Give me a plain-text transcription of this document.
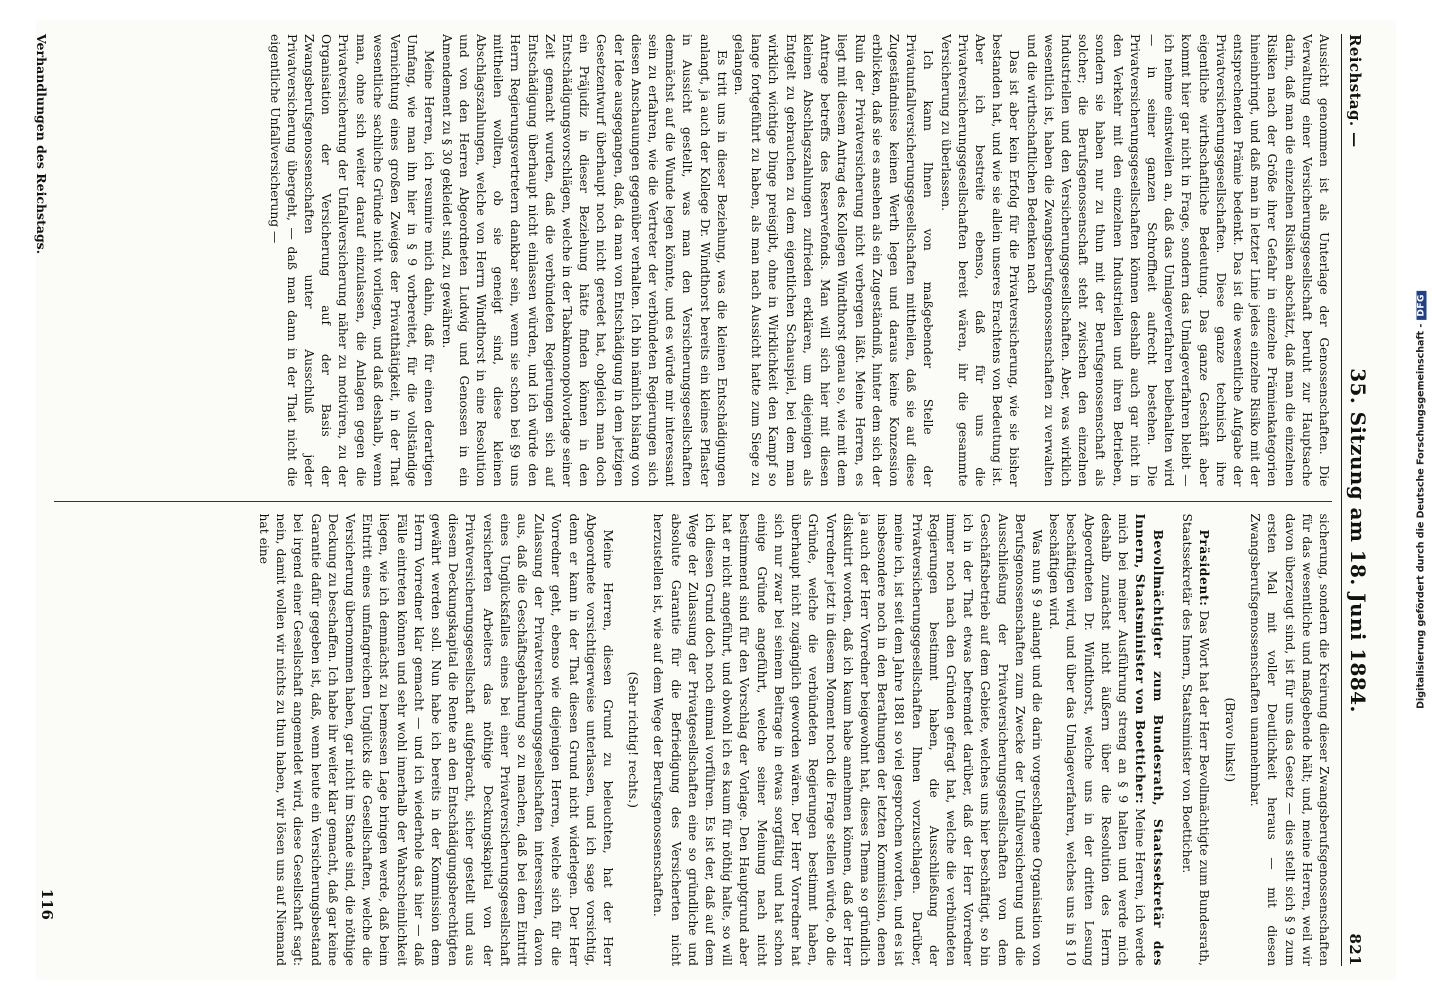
Reichstag. —
35. Sitzung am 18. Juni 1884.
821

Aussicht genommen ist als Unterlage der Genossenschaften. Die Verwaltung einer Versicherungsgesellschaft beruht zur Hauptsache darin, daß man die einzelnen Risiken abschätzt, daß man die einzelnen Risiken nach der Größe ihrer Gefahr in einzelne Prämienkategorien hineinbringt, und daß man in letzter Linie jedes einzelne Risiko mit der entsprechenden Prämie bedenkt. Das ist die wesentliche Aufgabe der Privatversicherungsgesellschaften. Diese ganze technisch ihre eigentliche wirthschaftliche Bedeutung. Das ganze Geschäft aber kommt hier gar nicht in Frage, sondern das Umlageverfahren bleibt — ich nehme einstweilen an, daß das Umlageverfahren beibehalten wird — in seiner ganzen Schroffheit aufrecht bestehen. Die Privatversicherungsgesellschaften können deshalb auch gar nicht in den Verkehr mit den einzelnen Industriellen und ihren Betrieben, sondern sie haben nur zu thun mit der Berufsgenossenschaft als solcher; die Berufsgenossenschaft steht zwischen den einzelnen Industriellen und den Versicherungsgesellschaften. Aber, was wirklich wesentlich ist, haben die Zwangsberufsgenossenschaften zu verwalten und die wirthschaftlichen Bedenken nach

Das ist aber kein Erfolg für die Privatversicherung, wie sie bisher bestanden hat, und wie sie allein unseres Erachtens von Bedeutung ist. Aber ich bestreite ebenso, daß für uns die Privatversicherungsgesellschaften bereit wären, ihr die gesammte Versicherung zu überlassen.

Ich kann Ihnen von maßgebender Stelle der Privatunfallversicherungsgesellschaften mittheilen, daß sie auf diese Zugeständnisse keinen Werth legen und daraus keine Konzession erblicken, daß sie es ansehen als ein Zugeständniß, hinter dem sich der Ruin der Privatversicherung nicht verbergen läßt. Meine Herren, es liegt mit diesem Antrag des Kollegen Windthorst genau so, wie mit dem Antrage betreffs des Reservefonds. Man will sich hier mit diesen kleinen Abschlagszahlungen zufrieden erklären, um diejenigen als Entgelt zu gebrauchen zu dem eigentlichen Schauspiel, bei dem man wirklich wichtige Dinge preisgibt, ohne in Wirklichkeit den Kampf so lange fortgeführt zu haben, als man nach Aussicht hatte zum Siege zu gelangen.

Es tritt uns in dieser Beziehung, was die kleinen Entschädigungen anlangt, ja auch der Kollege Dr. Windthorst bereits ein kleines Pflaster in Aussicht gestellt, was man den Versicherungsgesellschaften demnächst auf die Wunde legen könnte, und es würde mir interessant sein zu erfahren, wie die Vertreter der verbündeten Regierungen sich diesen Anschauungen gegenüber verhalten. Ich bin nämlich bislang von der Idee ausgegangen, daß, da man von Entschädigung in dem jetzigen Gesetzentwurf überhaupt noch nicht geredet hat, obgleich man doch ein Präjudiz in dieser Beziehung hätte finden können in den Entschädigungsvorschlägen, welche in der Tabakmonopolvorlage seiner Zeit gemacht wurden, daß die verbündeten Regierungen sich auf Entschädigung überhaupt nicht einlassen würden, und ich würde den Herrn Regierungsvertretern dankbar sein, wenn sie schon bei §9 uns mittheilen wollten, ob sie geneigt sind, diese kleinen Abschlagszahlungen, welche von Herrn Windthorst in eine Resolution und von den Herren Abgeordneten Ludwig und Genossen in ein Amendement zu § 30 gekleidet sind, zu gewähren.

Meine Herren, ich resumire mich dahin, daß für einen derartigen Umfang, wie man ihn hier in § 9 vorbereitet, für die vollständige Vernichtung eines großen Zweiges der Privatthätigkeit, in der That wesentliche sachliche Gründe nicht vorliegen, und daß deshalb, wenn man, ohne sich weiter darauf einzulassen, die Anlagen gegen die Privatversicherung der Unfallversicherung näher zu motiviren, zu der Organisation der Versicherung auf der Basis der Zwangsberufsgenossenschaften unter Ausschluß jeder Privatversicherung übergeht, — daß man dann in der That nicht die eigentliche Unfallversicherung —

sicherung, sondern die Kreirung dieser Zwangsberufsgenossenschaften für das wesentliche und maßgebende hält; und, meine Herren, weil wir davon überzeugt sind, ist für uns das Gesetz — dies stellt sich § 9 zum ersten Mal mit voller Deutlichkeit heraus — mit diesen Zwangsberufsgenossenschaften unannehmbar.

(Bravo links!)

Präsident: Das Wort hat der Herr Bevollmächtigte zum Bundesrath, Staatssekretär des Innern, Staatsminister von Boetticher.

Bevollmächtigter zum Bundesrath, Staatssekretär des Innern, Staatsminister von Boetticher: Meine Herren, ich werde mich bei meiner Ausführung streng an § 9 halten und werde mich deshalb zunächst nicht äußern über die Resolution des Herrn Abgeordneten Dr. Windthorst, welche uns in der dritten Lesung beschäftigen wird, und über das Umlageverfahren, welches uns in § 10 beschäftigen wird.

Was nun § 9 anlangt und die darin vorgeschlagene Organisation von Berufsgenossenschaften zum Zwecke der Unfallversicherung und die Ausschließung der Privatversicherungsgesellschaften von dem Geschäftsbetrieb auf dem Gebiete, welches uns hier beschäftigt, so bin ich in der That etwas befremdet darüber, daß der Herr Vorredner immer noch nach den Gründen gefragt hat, welche die verbündeten Regierungen bestimmt haben, die Ausschließung der Privatversicherungsgesellschaften Ihnen vorzuschlagen. Darüber, meine ich, ist seit dem Jahre 1881 so viel gesprochen worden, und es ist insbesondere noch in den Berathungen der letzten Kommission, denen ja auch der Herr Vorredner beigewohnt hat, dieses Thema so gründlich diskutirt worden, daß ich kaum habe annehmen können, daß der Herr Vorredner jetzt in diesem Moment noch die Frage stellen würde, ob die Gründe, welche die verbündeten Regierungen bestimmt haben, überhaupt nicht zugänglich geworden wären. Der Herr Vorredner hat sich nur zwar bei seinem Beitrage in etwas sorgfältig und hat schon einige Gründe angeführt, welche seiner Meinung nach nicht bestimmend sind für den Vorschlag der Vorlage. Den Hauptgrund aber hat er nicht angeführt, und obwohl ich es kaum für nöthig halte, so will ich diesen Grund doch noch einmal vorführen. Es ist der, daß auf dem Wege der Zulassung der Privatgesellschaften eine so gründliche und absolute Garantie für die Befriedigung des Versicherten nicht herzustellen ist, wie auf dem Wege der Berufsgenossenschaften.

(Sehr richtig! rechts.)

Meine Herren, diesen Grund zu beleuchten, hat der Herr Abgeordnete vorsichtigerweise unterlassen, und ich sage vorsichtig, denn er kann in der That diesen Grund nicht widerlegen. Der Herr Vorredner geht, ebenso wie diejenigen Herren, welche sich für die Zulassung der Privatversicherungsgesellschaften interessiren, davon aus, daß die Geschäftsgebahrung so zu machen, daß bei dem Eintritt eines Unglücksfalles eines bei einer Privatversicherungsgesellschaft versicherten Arbeiters das nöthige Deckungskapital von der Privatversicherungsgesellschaft aufgebracht, sicher gestellt und aus diesem Deckungskapital die Rente an den Entschädigungsberechtigten gewährt werden soll. Nun habe ich bereits in der Kommission dem Herrn Vorredner klar gemacht — und ich wiederhole das hier — daß Fälle eintreten können und sehr wohl innerhalb der Wahrscheinlichkeit liegen, wie ich demnächst zu bemessen Lage bringen werde, daß beim Eintritt eines umfangreichen Unglücks die Gesellschaften, welche die Versicherung übernommen haben, gar nicht im Stande sind, die nöthige Deckung zu beschaffen. Ich habe ihr weiter klar gemacht, daß gar keine Garantie dafür gegeben ist, daß, wenn heute ein Versicherungsbestand bei irgend einer Gesellschaft angemeldet wird, diese Gesellschaft sagt: nein, damit wollen wir nichts zu thun haben, wir lösen uns auf Niemand hat eine

Verhandlungen des Reichstags.
116
Digitalisierung gefördert durch die Deutsche Forschungsgemeinschaft -
DFG
